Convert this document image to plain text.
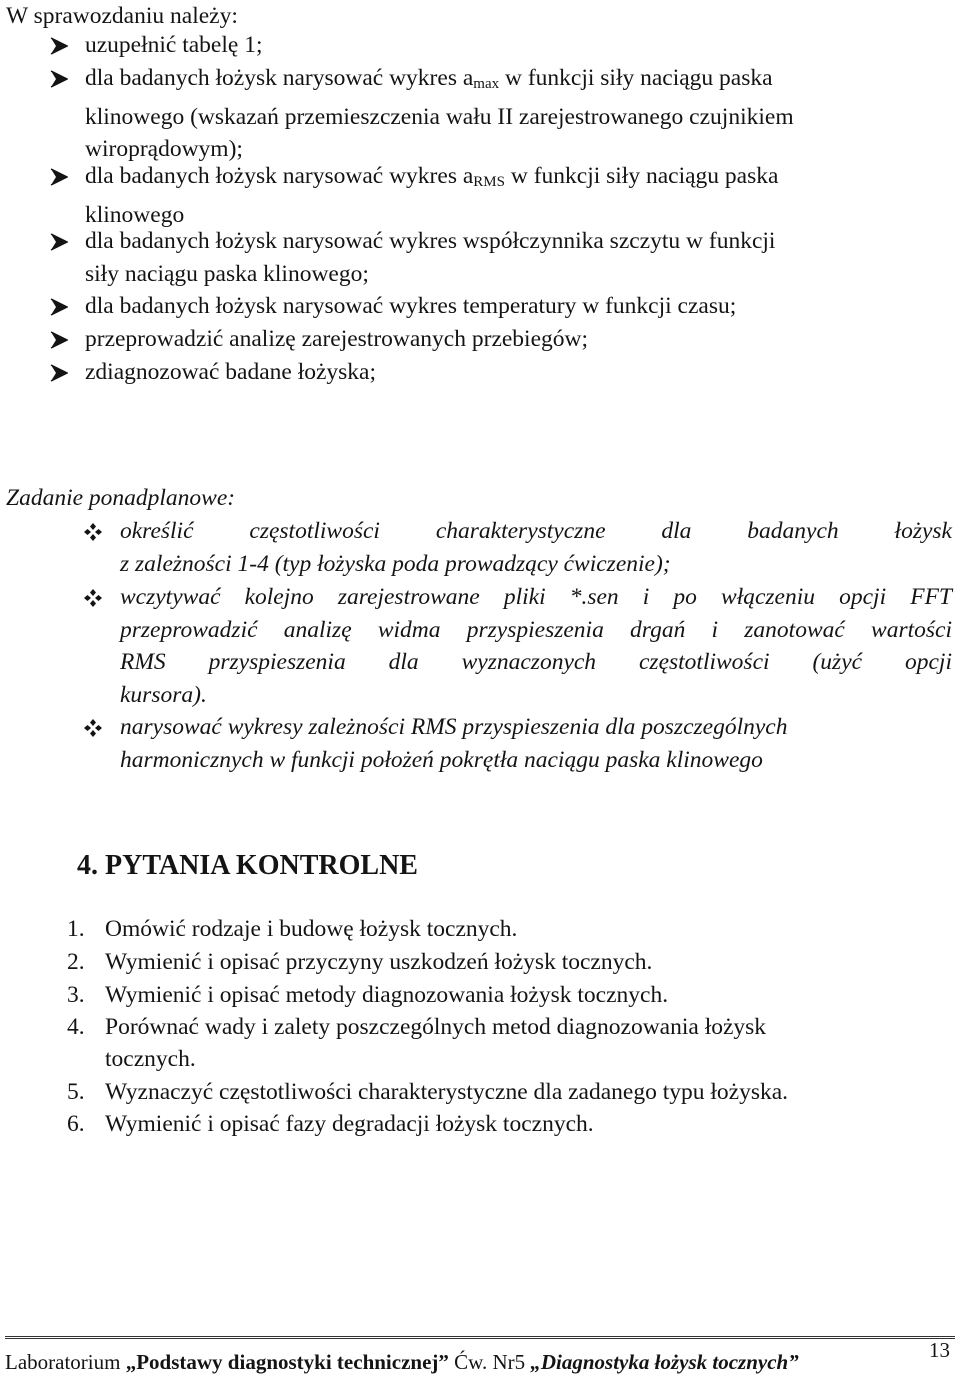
W sprawozdaniu należy:
uzupełnić tabelę 1;
dla badanych łożysk narysować wykres $a_{max}$ w funkcji siły naciągu paska
klinowego (wskazań przemieszczenia wału II zarejestrowanego czujnikiem
wiroprądowym);
dla badanych łożysk narysować wykres $a_{RMS}$ w funkcji siły naciągu paska
klinowego
dla badanych łożysk narysować wykres współczynnika szczytu w funkcji
siły naciągu paska klinowego;
dla badanych łożysk narysować wykres temperatury w funkcji czasu;
przeprowadzić analizę zarejestrowanych przebiegów;
zdiagnozować badane łożyska;
Zadanie ponadplanowe:
określić częstotliwości charakterystyczne dla badanych łożysk
z zależności 1-4 (typ łożyska poda prowadzący ćwiczenie);
wczytywać kolejno zarejestrowane pliki *.sen i po włączeniu opcji FFT
przeprowadzić analizę widma przyspieszenia drgań i zanotować wartości
RMS przyspieszenia dla wyznaczonych częstotliwości (użyć opcji
kursora).
narysować wykresy zależności RMS przyspieszenia dla poszczególnych
harmonicznych w funkcji położeń pokrętła naciągu paska klinowego
4. PYTANIA KONTROLNE
1. Omówić rodzaje i budowę łożysk tocznych.
2. Wymienić i opisać przyczyny uszkodzeń łożysk tocznych.
3. Wymienić i opisać metody diagnozowania łożysk tocznych.
4. Porównać wady i zalety poszczególnych metod diagnozowania łożysk
tocznych.
5. Wyznaczyć częstotliwości charakterystyczne dla zadanego typu łożyska.
6. Wymienić i opisać fazy degradacji łożysk tocznych.
Laboratorium „Podstawy diagnostyki technicznej” Ćw. Nr5 „Diagnostyka łożysk tocznych”	13
